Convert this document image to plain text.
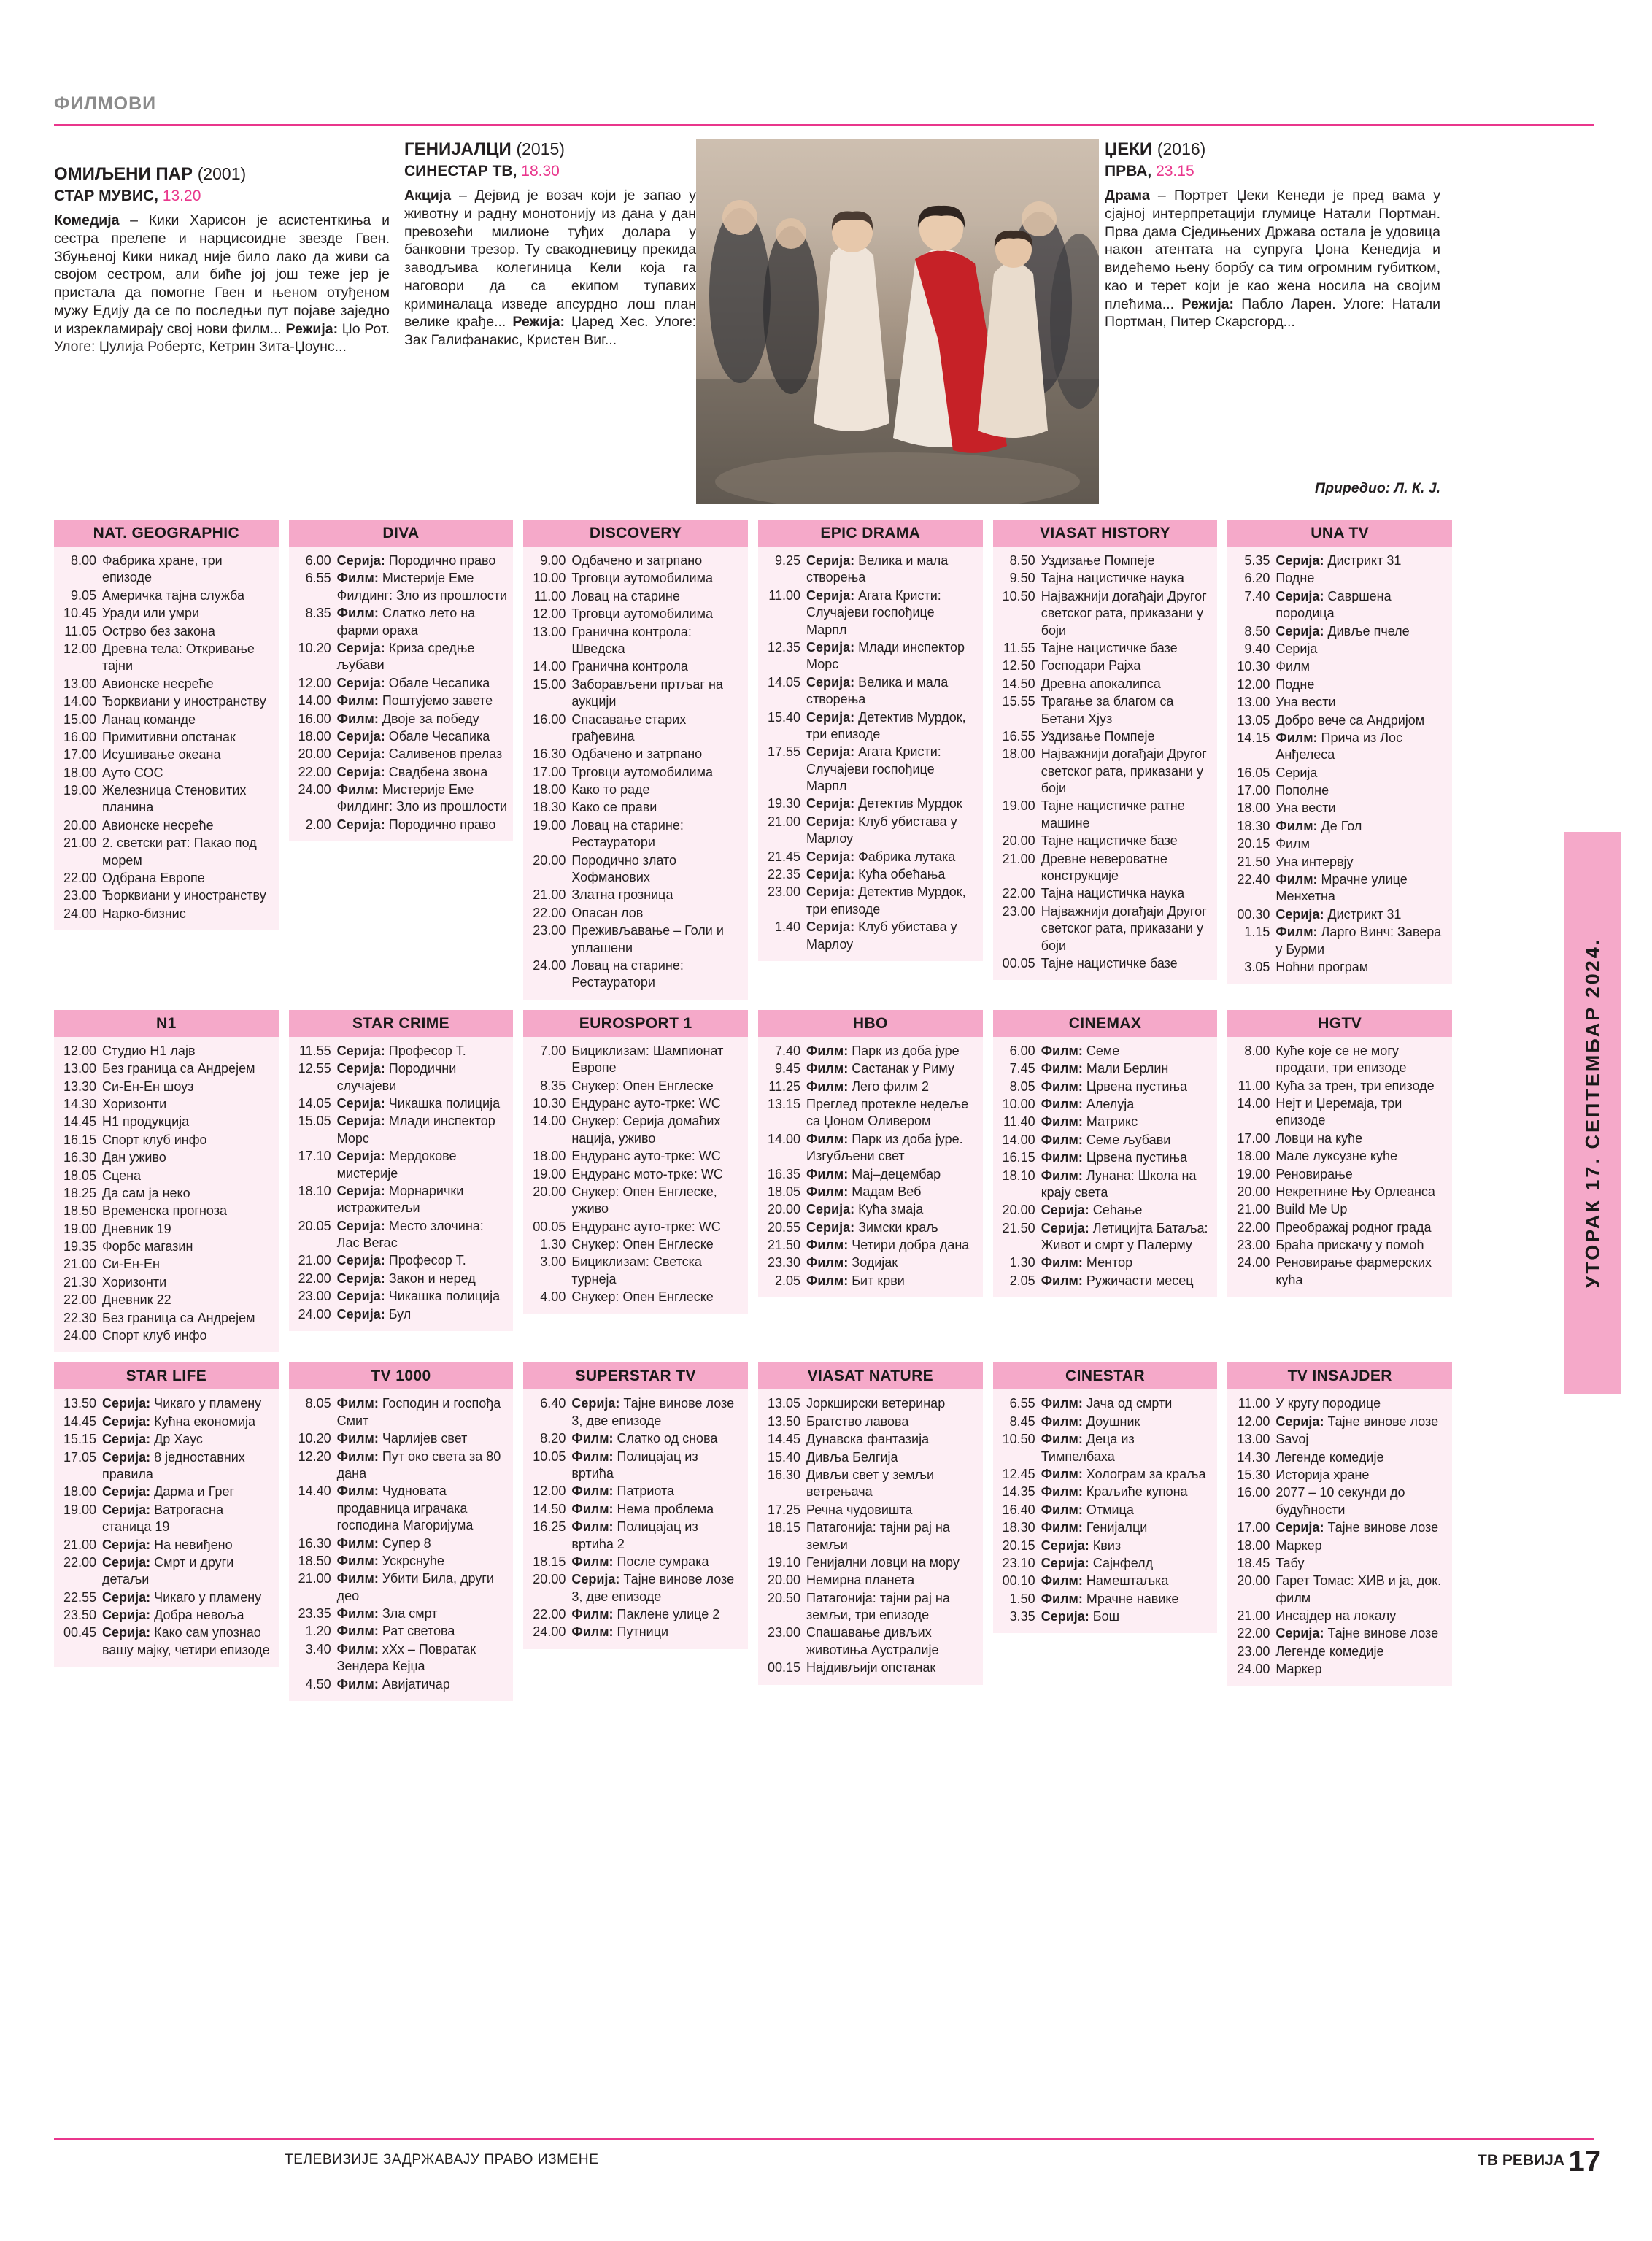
ФИЛМОВИ
ОМИЉЕНИ ПАР (2001)
СТАР МУВИС, 13.20
Комедија – Кики Харисон је асистенткиња и сестра прелепе и нарцисоидне звезде Гвен. Збуњеној Кики никад није било лако да живи са својом сестром, али биће јој још теже јер је пристала да помогне Гвен и њеном отуђеном мужу Едију да се по последњи пут појаве заједно и изрекламирају свој нови филм... Режија: Џо Рот. Улоге: Џулија Робертс, Кетрин Зита-Џоунс...
ГЕНИЈАЛЦИ (2015)
СИНЕСТАР ТВ, 18.30
Акција – Дејвид је возач који је запао у животну и радну монотонију из дана у дан превозећи милионе туђих долара у банковни трезор. Ту свакодневицу прекида заводљива колегиница Кели која га наговори да са екипом тупавих криминалаца изведе апсурдно лош план велике крађе... Режија: Џаред Хес. Улоге: Зак Галифанакис, Кристен Виг...
ЏЕКИ (2016)
ПРВА, 23.15
Драма – Портрет Џеки Кенеди је пред вама у сјајној интерпретацији глумице Натали Портман. Прва дама Сједињених Држава остала је удовица након атентата на супруга Џона Кенедија и видећемо њену борбу са тим огромним губитком, као и терет који је као жена носила на својим плећима... Режија: Пабло Ларен. Улоге: Натали Портман, Питер Скарсгорд...
Приредио: Л. К. Ј.
NAT. GEOGRAPHIC
8.00 Фабрика хране, три епизоде
9.05 Америчка тајна служба
10.45 Уради или умри
11.05 Острво без закона
12.00 Древна тела: Откривање тајни
13.00 Авионске несреће
14.00 Ђорквиани у иностранству
15.00 Ланац команде
16.00 Примитивни опстанак
17.00 Исушивање океана
18.00 Ауто СОС
19.00 Железница Стеновитих планина
20.00 Авионске несреће
21.00 2. светски рат: Пакао под морем
22.00 Одбрана Европе
23.00 Ђорквиани у иностранству
24.00 Нарко-бизнис
DIVA
6.00 Серија: Породично право
6.55 Филм: Мистерије Еме Филдинг: Зло из прошлости
8.35 Филм: Слатко лето на фарми ораха
10.20 Серија: Криза средње љубави
12.00 Серија: Обале Чесапика
14.00 Филм: Поштујемо завете
16.00 Филм: Двоје за победу
18.00 Серија: Обале Чесапика
20.00 Серија: Саливенов прелаз
22.00 Серија: Свадбена звона
24.00 Филм: Мистерије Еме Филдинг: Зло из прошлости
2.00 Серија: Породично право
DISCOVERY
9.00 Одбачено и затрпано
10.00 Трговци аутомобилима
11.00 Ловац на старине
12.00 Трговци аутомобилима
13.00 Гранична контрола: Шведска
14.00 Гранична контрола
15.00 Заборављени пртљаг на аукцији
16.00 Спасавање старих грађевина
16.30 Одбачено и затрпано
17.00 Трговци аутомобилима
18.00 Како то раде
18.30 Како се прави
19.00 Ловац на старине: Рестауратори
20.00 Породично злато Хофманових
21.00 Златна грозница
22.00 Опасан лов
23.00 Преживљавање – Голи и уплашени
24.00 Ловац на старине: Рестауратори
EPIC DRAMA
9.25 Серија: Велика и мала створења
11.00 Серија: Агата Кристи: Случајеви госпођице Марпл
12.35 Серија: Млади инспектор Морс
14.05 Серија: Велика и мала створења
15.40 Серија: Детектив Мурдок, три епизоде
17.55 Серија: Агата Кристи: Случајеви госпођице Марпл
19.30 Серија: Детектив Мурдок
21.00 Серија: Клуб убистава у Марлоу
21.45 Серија: Фабрика лутака
22.35 Серија: Кућа обећања
23.00 Серија: Детектив Мурдок, три епизоде
1.40 Серија: Клуб убистава у Марлоу
VIASAT HISTORY
8.50 Уздизање Помпеје
9.50 Тајна нацистичке наука
10.50 Најважнији догађаји Другог светског рата, приказани у боји
11.55 Тајне нацистичке базе
12.50 Господари Рајха
14.50 Древна апокалипса
15.55 Трагање за благом са Бетани Хјуз
16.55 Уздизање Помпеје
18.00 Најважнији догађаји Другог светског рата, приказани у боји
19.00 Тајне нацистичке ратне машине
20.00 Тајне нацистичке базе
21.00 Древне невероватне конструкције
22.00 Тајна нацистичка наука
23.00 Најважнији догађаји Другог светског рата, приказани у боји
00.05 Тајне нацистичке базе
UNA TV
5.35 Серија: Дистрикт 31
6.20 Подне
7.40 Серија: Савршена породица
8.50 Серија: Дивље пчеле
9.40 Серија
10.30 Филм
12.00 Подне
13.00 Уна вести
13.05 Добро вече са Андријом
14.15 Филм: Прича из Лос Анђелеса
16.05 Серија
17.00 Пополне
18.00 Уна вести
18.30 Филм: Де Гол
20.15 Филм
21.50 Уна интервју
22.40 Филм: Мрачне улице Менхетна
00.30 Серија: Дистрикт 31
1.15 Филм: Ларго Винч: Завера у Бурми
3.05 Ноћни програм
N1
12.00 Студио Н1 лајв
13.00 Без граница са Андрејем
13.30 Си-Ен-Ен шоуз
14.30 Хоризонти
14.45 Н1 продукција
16.15 Спорт клуб инфо
16.30 Дан уживо
18.05 Сцена
18.25 Да сам ја неко
18.50 Временска прогноза
19.00 Дневник 19
19.35 Форбс магазин
21.00 Си-Ен-Ен
21.30 Хоризонти
22.00 Дневник 22
22.30 Без граница са Андрејем
24.00 Спорт клуб инфо
STAR CRIME
11.55 Серија: Професор Т.
12.55 Серија: Породични случајеви
14.05 Серија: Чикашка полиција
15.05 Серија: Млади инспектор Морс
17.10 Серија: Мердокове мистерије
18.10 Серија: Морнарички истражитељи
20.05 Серија: Место злочина: Лас Вегас
21.00 Серија: Професор Т.
22.00 Серија: Закон и неред
23.00 Серија: Чикашка полиција
24.00 Серија: Бул
EUROSPORT 1
7.00 Бициклизам: Шампионат Европе
8.35 Снукер: Опен Енглеске
10.30 Ендуранс ауто-трке: WC
14.00 Снукер: Серија домаћих нација, уживо
18.00 Ендуранс ауто-трке: WC
19.00 Ендуранс мото-трке: WC
20.00 Снукер: Опен Енглеске, уживо
00.05 Ендуранс ауто-трке: WC
1.30 Снукер: Опен Енглеске
3.00 Бициклизам: Светска турнеја
4.00 Снукер: Опен Енглеске
HBO
7.40 Филм: Парк из доба јуре
9.45 Филм: Састанак у Риму
11.25 Филм: Лего филм 2
13.15 Преглед протекле недеље са Џоном Оливером
14.00 Филм: Парк из доба јуре. Изгубљени свет
16.35 Филм: Мај–децембар
18.05 Филм: Мадам Веб
20.00 Серија: Кућа змаја
20.55 Серија: Зимски краљ
21.50 Филм: Четири добра дана
23.30 Филм: Зодијак
2.05 Филм: Бит крви
CINEMAX
6.00 Филм: Семе
7.45 Филм: Мали Берлин
8.05 Филм: Црвена пустиња
10.00 Филм: Алелуја
11.40 Филм: Матрикс
14.00 Филм: Семе љубави
16.15 Филм: Црвена пустиња
18.10 Филм: Лунана: Школа на крају света
20.00 Серија: Сећање
21.50 Серија: Летицијта Батаља: Живот и смрт у Палерму
1.30 Филм: Ментор
2.05 Филм: Ружичасти месец
HGTV
8.00 Куће које се не могу продати, три епизоде
11.00 Кућа за трен, три епизоде
14.00 Нејт и Џеремаја, три епизоде
17.00 Ловци на куће
18.00 Мале луксузне куће
19.00 Реновирање
20.00 Некретнине Њу Орлеанса
21.00 Build Me Up
22.00 Преображај родног града
23.00 Браћа прискачу у помоћ
24.00 Реновирање фармерских кућа
STAR LIFE
13.50 Серија: Чикаго у пламену
14.45 Серија: Кућна економија
15.15 Серија: Др Хаус
17.05 Серија: 8 једноставних правила
18.00 Серија: Дарма и Грег
19.00 Серија: Ватрогасна станица 19
21.00 Серија: На невиђено
22.00 Серија: Смрт и други детаљи
22.55 Серија: Чикаго у пламену
23.50 Серија: Добра невоља
00.45 Серија: Како сам упознао вашу мајку, четири епизоде
TV 1000
8.05 Филм: Господин и госпођа Смит
10.20 Филм: Чарлијев свет
12.20 Филм: Пут око света за 80 дана
14.40 Филм: Чудновата продавница играчака господина Магоријума
16.30 Филм: Супер 8
18.50 Филм: Ускрснуће
21.00 Филм: Убити Била, други део
23.35 Филм: Зла смрт
1.20 Филм: Рат светова
3.40 Филм: xXx – Повратак Зендера Кејџа
4.50 Филм: Авијатичар
SUPERSTAR TV
6.40 Серија: Тајне винове лозе 3, две епизоде
8.20 Филм: Слатко од снова
10.05 Филм: Полицајац из вртића
12.00 Филм: Патриота
14.50 Филм: Нема проблема
16.25 Филм: Полицајац из вртића 2
18.15 Филм: После сумрака
20.00 Серија: Тајне винове лозе 3, две епизоде
22.00 Филм: Паклене улице 2
24.00 Филм: Путници
VIASAT NATURE
13.05 Јоркширски ветеринар
13.50 Братство лавова
14.45 Дунавска фантазија
15.40 Дивља Белгија
16.30 Дивљи свет у земљи ветрењача
17.25 Речна чудовишта
18.15 Патагонија: тајни рај на земљи
19.10 Генијални ловци на мору
20.00 Немирна планета
20.50 Патагонија: тајни рај на земљи, три епизоде
23.00 Спашавање дивљих животиња Аустралије
00.15 Најдивљији опстанак
CINESTAR
6.55 Филм: Јача од смрти
8.45 Филм: Доушник
10.50 Филм: Деца из Тимпелбаха
12.45 Филм: Холограм за краља
14.35 Филм: Краљиће купона
16.40 Филм: Отмица
18.30 Филм: Генијалци
20.15 Серија: Квиз
23.10 Серија: Сајнфелд
00.10 Филм: Намештаљка
1.50 Филм: Мрачне навике
3.35 Серија: Бош
TV INSAJDER
11.00 У кругу породице
12.00 Серија: Тајне винове лозе
13.00 Savoj
14.30 Легенде комедије
15.30 Историја хране
16.00 2077 – 10 секунди до будућности
17.00 Серија: Тајне винове лозе
18.00 Маркер
18.45 Табу
20.00 Гарет Томас: ХИВ и ја, док. филм
21.00 Инсајдер на локалу
22.00 Серија: Тајне винове лозе
23.00 Легенде комедије
24.00 Маркер
УТОРАК 17. СЕПТЕМБАР 2024.
ТЕЛЕВИЗИЈЕ ЗАДРЖАВАЈУ ПРАВО ИЗМЕНЕ	ТВ РЕВИЈА 17
